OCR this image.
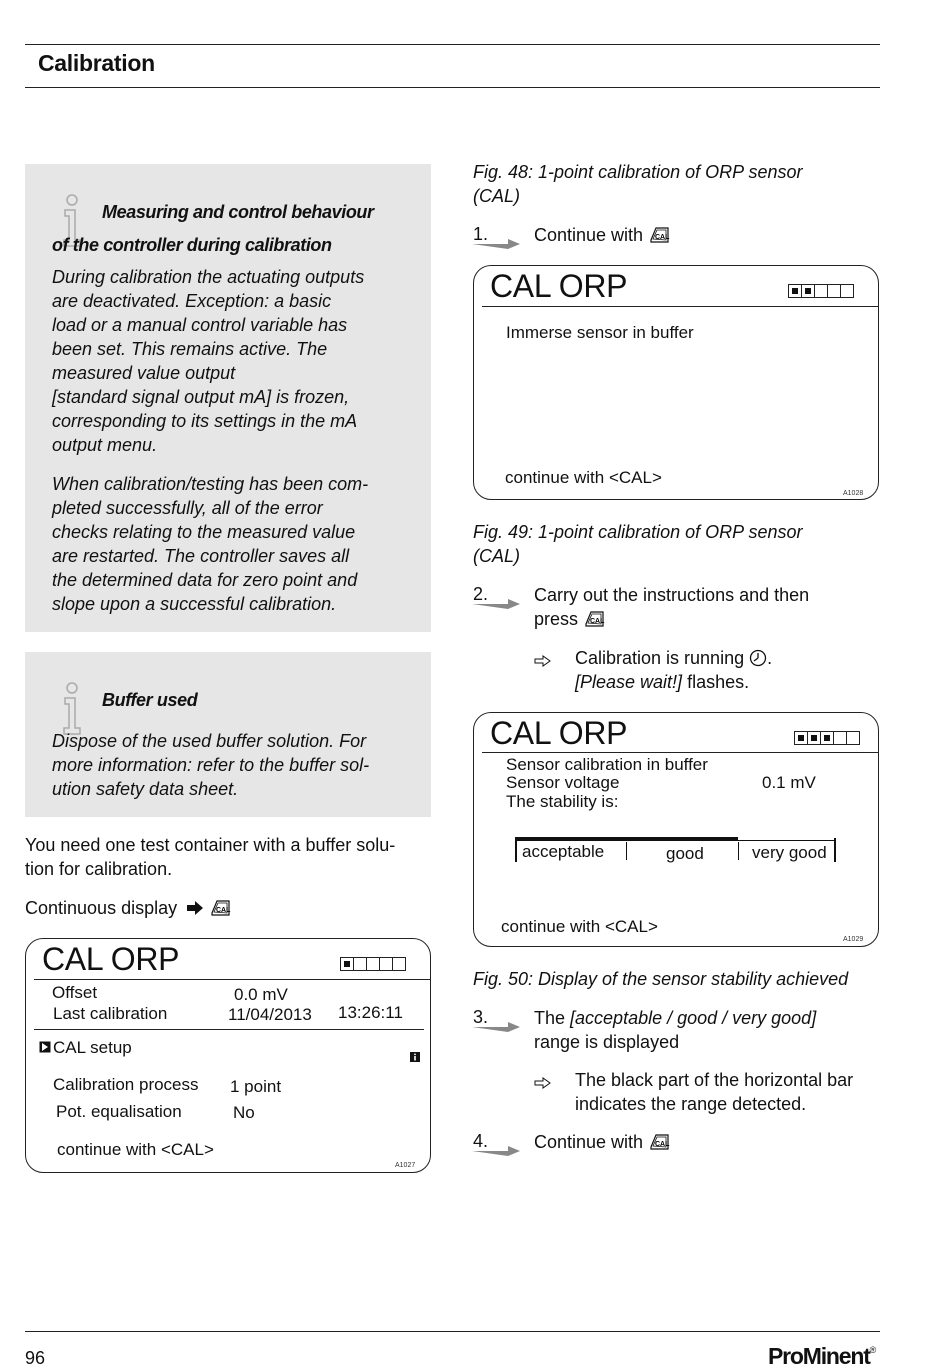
Calibration
Measuring and control behaviour
of the controller during calibration
During calibration the actuating outputs
are deactivated. Exception: a basic
load or a manual control variable has
been set. This remains active. The
measured value output
[standard signal output mA] is frozen,
corresponding to its settings in the mA
output menu.
When calibration/testing has been com-
pleted successfully, all of the error
checks relating to the measured value
are restarted. The controller saves all
the determined data for zero point and
slope upon a successful calibration.
Buffer used
Dispose of the used buffer solution. For
more information: refer to the buffer sol-
ution safety data sheet.
You need one test container with a buffer solu-
tion for calibration.
Continuous display	CAL
CAL ORP
Offset	0.0 mV
Last calibration	11/04/2013 13:26:11
CAL setup
Calibration process 1 point
Pot. equalisation	No
continue with <CAL>
A1027
Fig. 48: 1-point calibration of ORP sensor
(CAL)
1.	Continue with CAL
CAL ORP
Immerse sensor in buffer
continue with <CAL>
A1028
Fig. 49: 1-point calibration of ORP sensor
(CAL)
2.	Carry out the instructions and then
press CAL
Calibration is running .
[Please wait!] flashes.
CAL ORP
Sensor calibration in buffer
Sensor voltage	0.1 mV
The stability is:
acceptable	good	very good
continue with <CAL>
A1029
Fig. 50: Display of the sensor stability achieved
3.	The [acceptable / good / very good]
range is displayed
The black part of the horizontal bar
indicates the range detected.
4.	Continue with CAL
96	ProMinent®
